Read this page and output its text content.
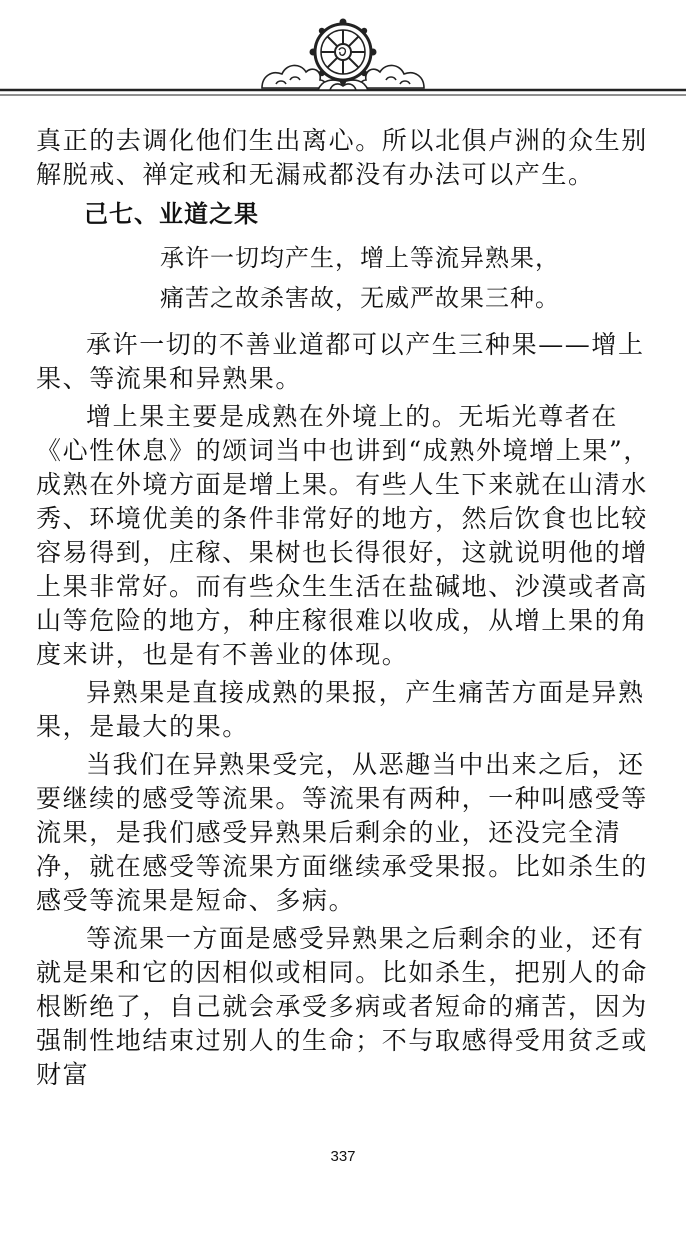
真正的去调化他们生出离心。所以北俱卢洲的众生别解脱戒、禅定戒和无漏戒都没有办法可以产生。

己七、业道之果
承许一切均产生，增上等流异熟果，
痛苦之故杀害故，无威严故果三种。

承许一切的不善业道都可以产生三种果——增上果、等流果和异熟果。

增上果主要是成熟在外境上的。无垢光尊者在《心性休息》的颂词当中也讲到“成熟外境增上果”，成熟在外境方面是增上果。有些人生下来就在山清水秀、环境优美的条件非常好的地方，然后饮食也比较容易得到，庄稼、果树也长得很好，这就说明他的增上果非常好。而有些众生生活在盐碱地、沙漠或者高山等危险的地方，种庄稼很难以收成，从增上果的角度来讲，也是有不善业的体现。

异熟果是直接成熟的果报，产生痛苦方面是异熟果，是最大的果。

当我们在异熟果受完，从恶趣当中出来之后，还要继续的感受等流果。等流果有两种，一种叫感受等流果，是我们感受异熟果后剩余的业，还没完全清净，就在感受等流果方面继续承受果报。比如杀生的感受等流果是短命、多病。

等流果一方面是感受异熟果之后剩余的业，还有就是果和它的因相似或相同。比如杀生，把别人的命根断绝了，自己就会承受多病或者短命的痛苦，因为强制性地结束过别人的生命；不与取感得受用贫乏或财富

337
